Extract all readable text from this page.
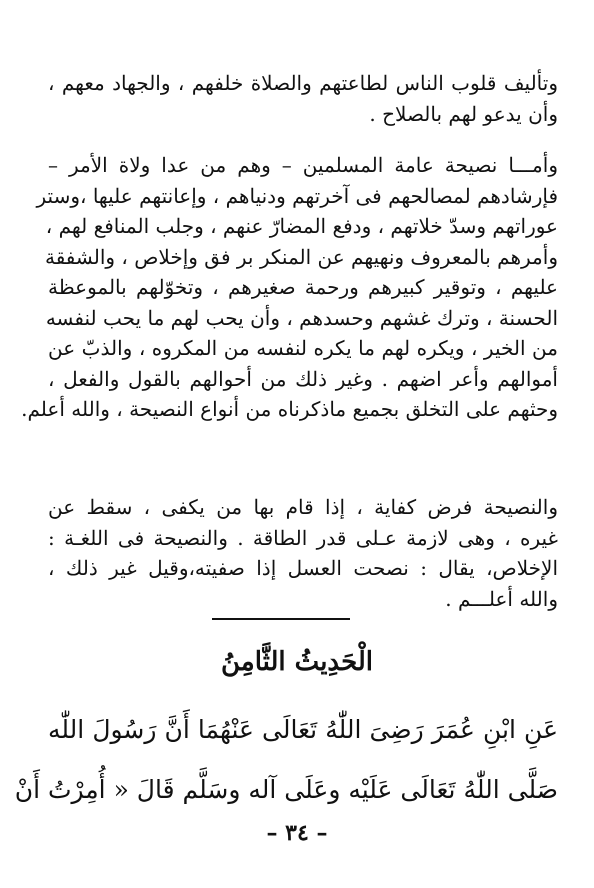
وتأليف قلوب الناس لطاعتهم والصلاة خلفهم ، والجهاد معهم ،
وأن يدعو لهم بالصلاح .
وأمـــا نصيحة عامة المسلمين – وهم من عدا ولاة الأمر –
فإرشادهم لمصالحهم فى آخرتهم ودنياهم ، وإعانتهم عليها ،وستر
عوراتهم وسدّ خلاتهم ، ودفع المضارّ عنهم ، وجلب المنافع لهم ،
وأمرهم بالمعروف ونهيهم عن المنكر بر فق وإخلاص ، والشفقة
عليهم ، وتوقير كبيرهم ورحمة صغيرهم ، وتخوّلهم بالموعظة
الحسنة ، وترك غشهم وحسدهم ، وأن يحب لهم ما يحب لنفسه
من الخير ، ويكره لهم ما يكره لنفسه من المكروه ، والذبّ عن
أموالهم وأعر اضهم . وغير ذلك من أحوالهم بالقول والفعل ،
وحثهم على التخلق بجميع ماذكرناه من أنواع النصيحة ، والله أعلم.
والنصيحة فرض كفاية ، إذا قام بها من يكفى ، سقط عن
غيره ، وهى لازمة عـلى قدر الطاقة . والنصيحة فى اللغـة :
الإخلاص، يقال : نصحت العسل إذا صفيته،وقيل غير ذلك ،
والله أعلـــم .
الْحَدِيثُ الثَّامِنُ
عَنِ ابْنِ عُمَرَ رَضِىَ اللّٰهُ تَعَالَى عَنْهُمَا أَنَّ رَسُولَ اللّٰه
صَلَّى اللّٰهُ تَعَالَى عَلَيْه وعَلَى آله وسَلَّم قَالَ « أُمِرْتُ أَنْ
– ٣٤ –
